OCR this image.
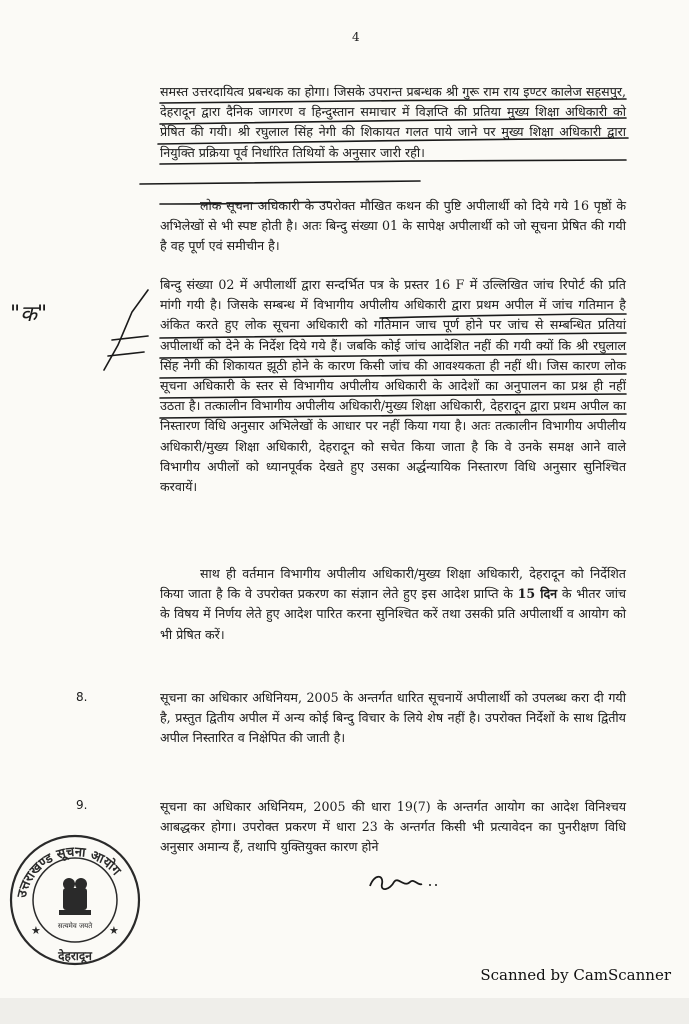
4
"क"

समस्त उत्तरदायित्व प्रबन्धक का होगा। जिसके उपरान्त प्रबन्धक श्री गुरू राम राय इण्टर कालेज सहसपुर, देहरादून द्वारा दैनिक जागरण व हिन्दुस्तान समाचार में विज्ञप्ति की प्रतिया मुख्य शिक्षा अधिकारी को प्रेषित की गयी। श्री रघुलाल सिंह नेगी की शिकायत गलत पाये जाने पर मुख्य शिक्षा अधिकारी द्वारा नियुक्ति प्रक्रिया पूर्व निर्धारित तिथियों के अनुसार जारी रही।

लोक सूचना अधिकारी के उपरोक्त मौखित कथन की पुष्टि अपीलार्थी को दिये गये 16 पृष्ठों के अभिलेखों से भी स्पष्ट होती है। अतः बिन्दु संख्या 01 के सापेक्ष अपीलार्थी को जो सूचना प्रेषित की गयी है वह पूर्ण एवं समीचीन है।

बिन्दु संख्या 02 में अपीलार्थी द्वारा सन्दर्भित पत्र के प्रस्तर 16 F में उल्लिखित जांच रिपोर्ट की प्रति मांगी गयी है। जिसके सम्बन्ध में विभागीय अपीलीय अधिकारी द्वारा प्रथम अपील में जांच गतिमान है अंकित करते हुए लोक सूचना अधिकारी को गतिमान जाच पूर्ण होने पर जांच से सम्बन्धित प्रतियां अपीलार्थी को देने के निर्देश दिये गये हैं। जबकि कोई जांच आदेशित नहीं की गयी क्यों कि श्री रघुलाल सिंह नेगी की शिकायत झूठी होने के कारण किसी जांच की आवश्यकता ही नहीं थी। जिस कारण लोक सूचना अधिकारी के स्तर से विभागीय अपीलीय अधिकारी के आदेशों का अनुपालन का प्रश्न ही नहीं उठता है। तत्कालीन विभागीय अपीलीय अधिकारी/मुख्य शिक्षा अधिकारी, देहरादून द्वारा प्रथम अपील का निस्तारण विधि अनुसार अभिलेखों के आधार पर नहीं किया गया है। अतः तत्कालीन विभागीय अपीलीय अधिकारी/मुख्य शिक्षा अधिकारी, देहरादून को सचेत किया जाता है कि वे उनके समक्ष आने वाले विभागीय अपीलों को ध्यानपूर्वक देखते हुए उसका अर्द्धन्यायिक निस्तारण विधि अनुसार सुनिश्चित करवायें।

साथ ही वर्तमान विभागीय अपीलीय अधिकारी/मुख्य शिक्षा अधिकारी, देहरादून को निर्देशित किया जाता है कि वे उपरोक्त प्रकरण का संज्ञान लेते हुए इस आदेश प्राप्ति के 15 दिन के भीतर जांच के विषय में निर्णय लेते हुए आदेश पारित करना सुनिश्चित करें तथा उसकी प्रति अपीलार्थी व आयोग को भी प्रेषित करें।

8.	सूचना का अधिकार अधिनियम, 2005 के अन्तर्गत धारित सूचनायें अपीलार्थी को उपलब्ध करा दी गयी है, प्रस्तुत द्वितीय अपील में अन्य कोई बिन्दु विचार के लिये शेष नहीं है। उपरोक्त निर्देशों के साथ द्वितीय अपील निस्तारित व निक्षेपित की जाती है।

9.	सूचना का अधिकार अधिनियम, 2005 की धारा 19(7) के अन्तर्गत आयोग का आदेश विनिश्चय आबद्धकर होगा। उपरोक्त प्रकरण में धारा 23 के अन्तर्गत किसी भी प्रत्यावेदन का पुनरीक्षण विधि अनुसार अमान्य हैं, तथापि युक्तियुक्त कारण होने

उत्तराखण्ड सूचना आयोग
सत्यमेव जयते
★	★
देहरादून
Scanned by CamScanner
